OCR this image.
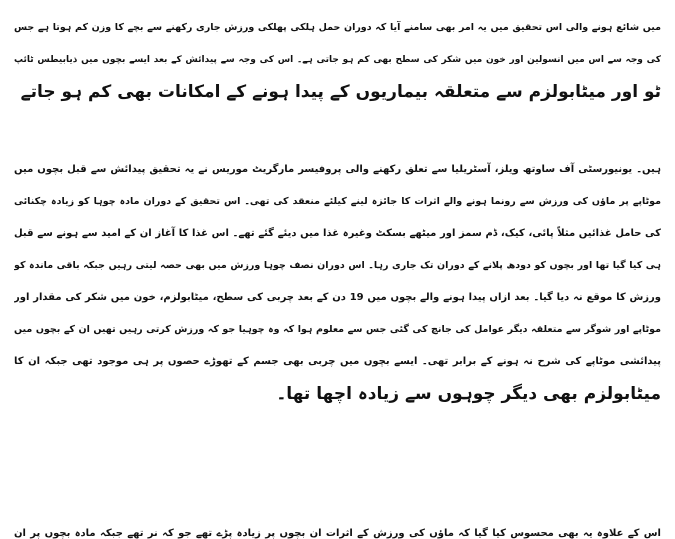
میں شائع ہونے والی اس تحقیق میں یہ امر بھی سامنے آیا کہ دوران حمل ہلکی پھلکی ورزش جاری رکھنے سے بچے کا وزن کم ہوتا ہے جس
کی وجہ سے اس میں انسولین اور خون میں شکر کی سطح بھی کم ہو جاتی ہے۔ اس کی وجہ سے پیدائش کے بعد ایسے بچوں میں ذیابیطس ٹائپ
ٹو اور میٹابولزم سے متعلقہ بیماریوں کے پیدا ہونے کے امکانات بھی کم ہو جاتے
ہیں۔ یونیورسٹی آف ساوتھ ویلز، آسٹریلیا سے تعلق رکھنے والی پروفیسر مارگریٹ موریس نے یہ تحقیق پیدائش سے قبل بچوں میں
موٹاپے پر ماؤں کی ورزش سے رونما ہونے والے اثرات کا جائزہ لینے کیلئے منعقد کی تھی۔ اس تحقیق کے دوران مادہ چوہا کو زیادہ چکنائی
کی حامل غذائیں مثلاً پائی، کیک، ڈم سمز اور میٹھے بسکٹ وغیرہ غذا میں دیئے گئے تھے۔ اس غذا کا آغاز ان کے امید سے ہونے سے قبل
ہی کیا گیا تھا اور بچوں کو دودھ پلانے کے دوران تک جاری رہا۔ اس دوران نصف چوہا ورزش میں بھی حصہ لیتی رہیں جبکہ باقی ماندہ کو
ورزش کا موقع نہ دیا گیا۔ بعد ازاں پیدا ہونے والے بچوں میں 19 دن کے بعد چربی کی سطح، میٹابولزم، خون میں شکر کی مقدار اور
موٹاپے اور شوگر سے متعلقہ دیگر عوامل کی جانچ کی گئی جس سے معلوم ہوا کہ وہ چوہیا جو کہ ورزش کرتی رہیں تھیں ان کے بچوں میں
پیدائشی موٹاپے کی شرح نہ ہونے کے برابر تھی۔ ایسے بچوں میں چربی بھی جسم کے تھوڑے حصوں پر ہی موجود تھی جبکہ ان کا
میٹابولزم بھی دیگر چوہوں سے زیادہ اچھا تھا۔
اس کے علاوہ یہ بھی محسوس کیا گیا کہ ماؤں کی ورزش کے اثرات ان بچوں پر زیادہ پڑے تھے جو کہ نر تھے جبکہ مادہ بچوں پر ان
